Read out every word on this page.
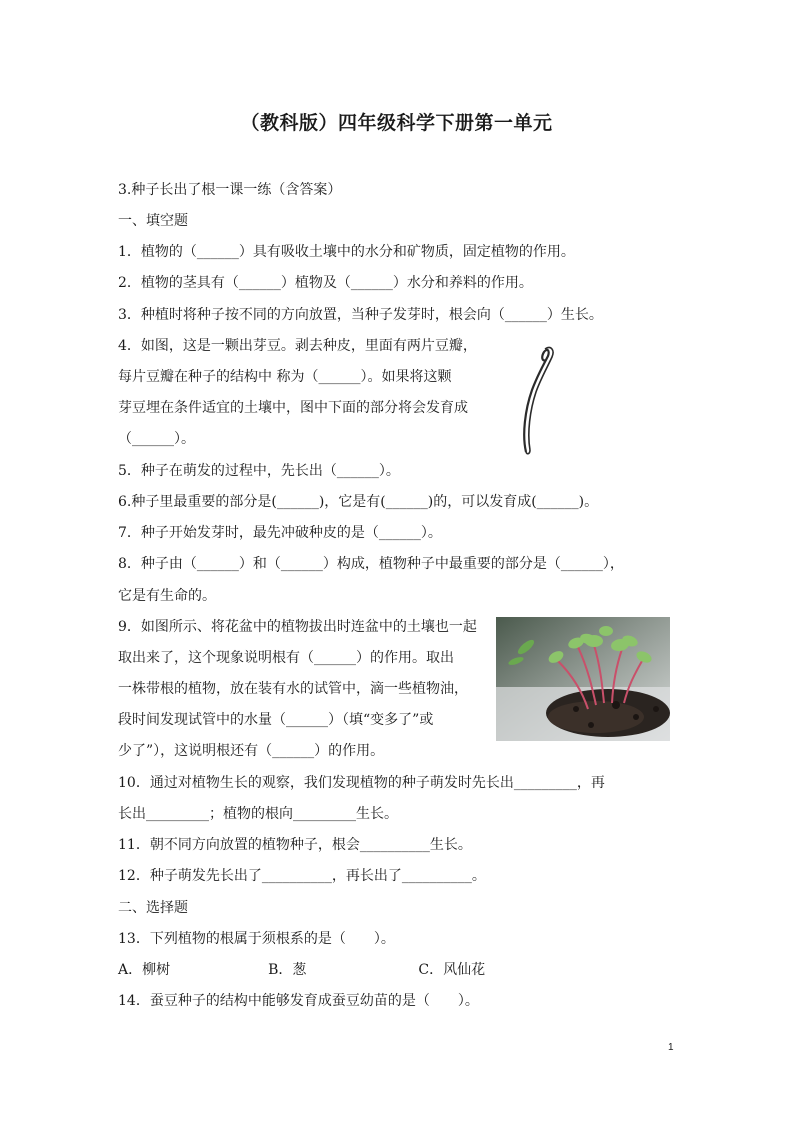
（教科版）四年级科学下册第一单元
3.种子长出了根一课一练（含答案）
一、填空题
1．植物的（______）具有吸收土壤中的水分和矿物质，固定植物的作用。
2．植物的茎具有（______）植物及（______）水分和养料的作用。
3．种植时将种子按不同的方向放置，当种子发芽时，根会向（______）生长。
4．如图，这是一颗出芽豆。剥去种皮，里面有两片豆瓣，
每片豆瓣在种子的结构中 称为（______）。如果将这颗
芽豆埋在条件适宜的土壤中，图中下面的部分将会发育成
（______）。
5．种子在萌发的过程中，先长出（______）。
6.种子里最重要的部分是(______)，它是有(______)的，可以发育成(______)。
7．种子开始发芽时，最先冲破种皮的是（______）。
8．种子由（______）和（______）构成，植物种子中最重要的部分是（______），
它是有生命的。
9．如图所示、将花盆中的植物拔出时连盆中的土壤也一起
取出来了，这个现象说明根有（______）的作用。取出
一株带根的植物，放在装有水的试管中，滴一些植物油，
段时间发现试管中的水量（______）（填“变多了”或
少了”），这说明根还有（______）的作用。
10．通过对植物生长的观察，我们发现植物的种子萌发时先长出_________，再
长出_________；植物的根向_________生长。
11．朝不同方向放置的植物种子，根会__________生长。
12．种子萌发先长出了__________，再长出了__________。
二、选择题
13．下列植物的根属于须根系的是（　　）。
A．柳树　　　　　　　B．葱　　　　　　　　C．风仙花
14．蚕豆种子的结构中能够发育成蚕豆幼苗的是（　　）。
1
